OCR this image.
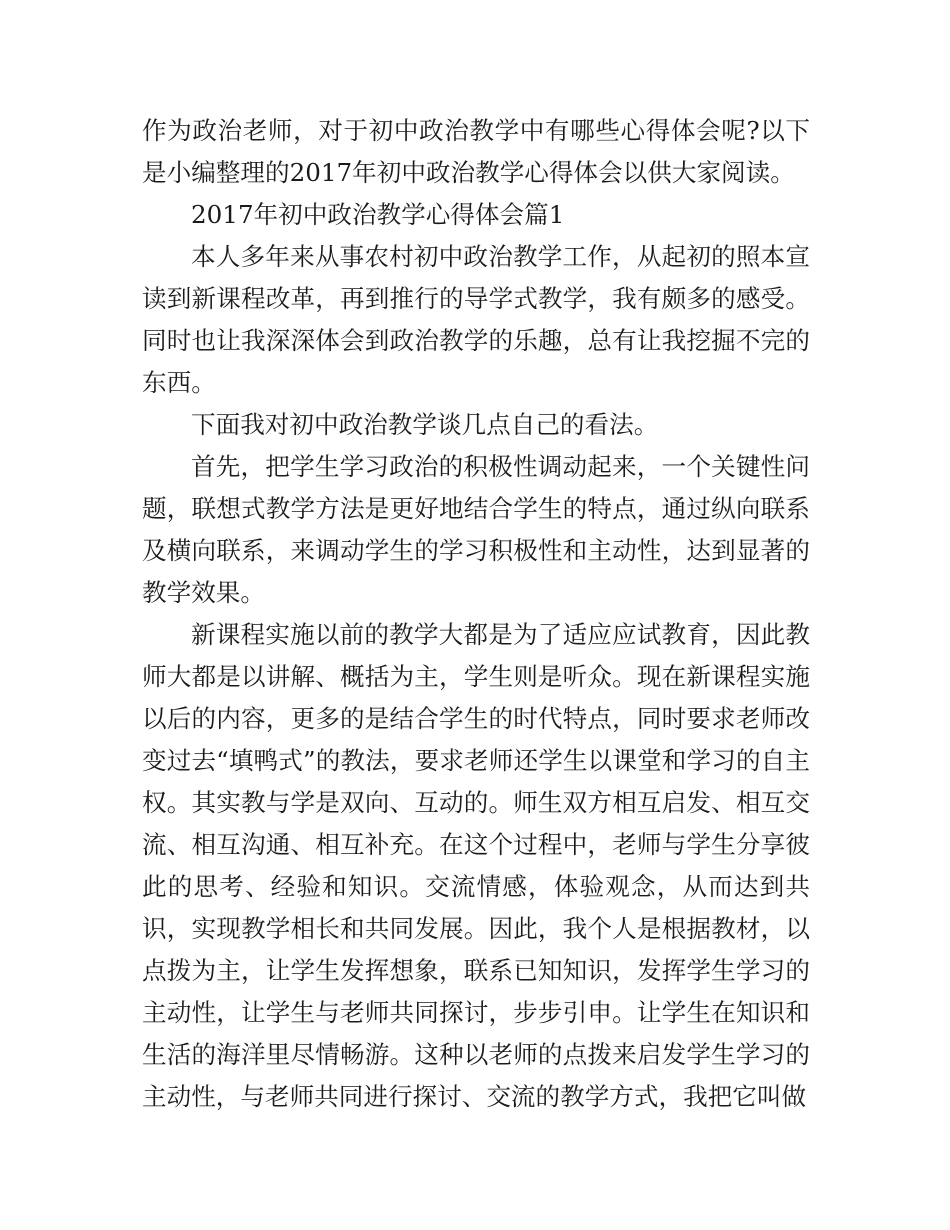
作为政治老师，对于初中政治教学中有哪些心得体会呢?以下是小编整理的2017年初中政治教学心得体会以供大家阅读。

2017年初中政治教学心得体会篇1

本人多年来从事农村初中政治教学工作，从起初的照本宣读到新课程改革，再到推行的导学式教学，我有颇多的感受。同时也让我深深体会到政治教学的乐趣，总有让我挖掘不完的东西。

下面我对初中政治教学谈几点自己的看法。

首先，把学生学习政治的积极性调动起来，一个关键性问题，联想式教学方法是更好地结合学生的特点，通过纵向联系及横向联系，来调动学生的学习积极性和主动性，达到显著的教学效果。

新课程实施以前的教学大都是为了适应应试教育，因此教师大都是以讲解、概括为主，学生则是听众。现在新课程实施以后的内容，更多的是结合学生的时代特点，同时要求老师改变过去“填鸭式”的教法，要求老师还学生以课堂和学习的自主权。其实教与学是双向、互动的。师生双方相互启发、相互交流、相互沟通、相互补充。在这个过程中，老师与学生分享彼此的思考、经验和知识。交流情感，体验观念，从而达到共识，实现教学相长和共同发展。因此，我个人是根据教材，以点拨为主，让学生发挥想象，联系已知知识，发挥学生学习的主动性，让学生与老师共同探讨，步步引申。让学生在知识和生活的海洋里尽情畅游。这种以老师的点拨来启发学生学习的主动性，与老师共同进行探讨、交流的教学方式，我把它叫做
